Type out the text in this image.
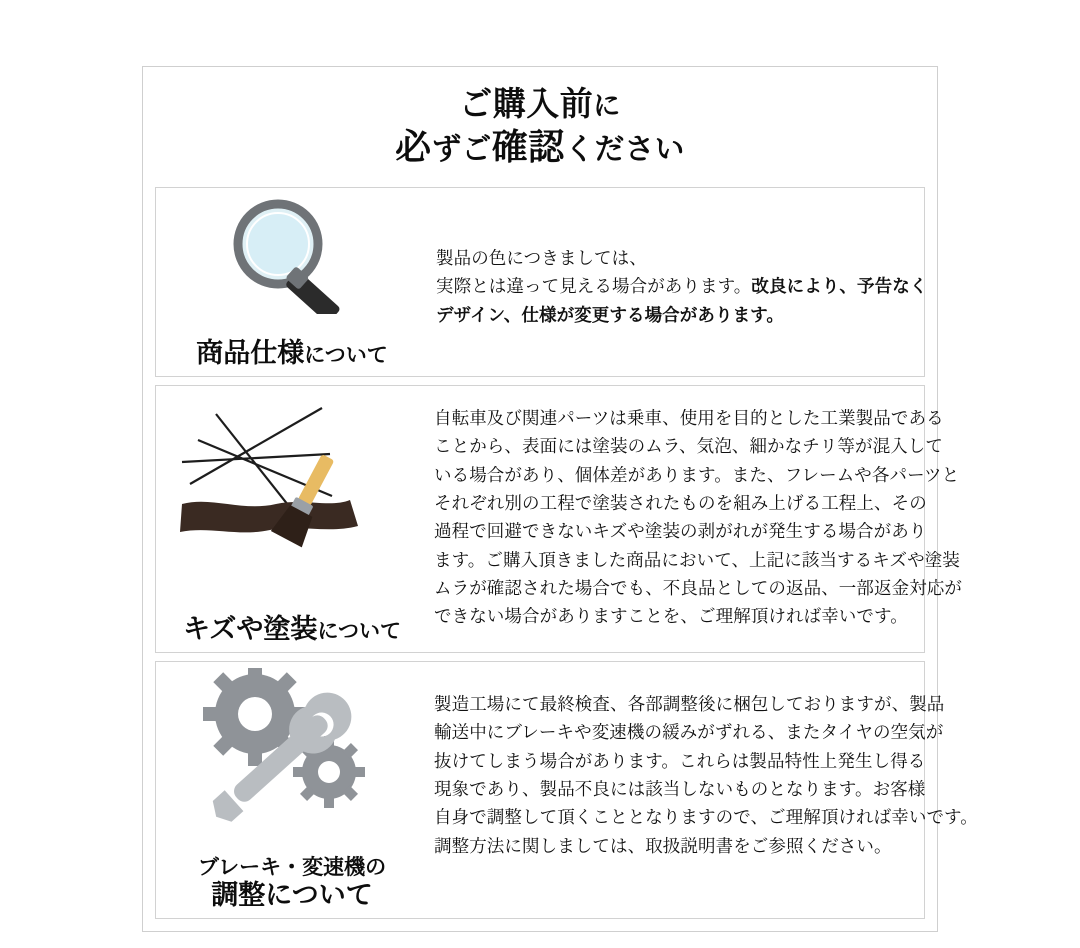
ご購入前に
必ずご確認ください
商品仕様について
製品の色につきましては、
実際とは違って見える場合があります。改良により、予告なく
デザイン、仕様が変更する場合があります。
キズや塗装について
自転車及び関連パーツは乗車、使用を目的とした工業製品である
ことから、表面には塗装のムラ、気泡、細かなチリ等が混入して
いる場合があり、個体差があります。また、フレームや各パーツと
それぞれ別の工程で塗装されたものを組み上げる工程上、その
過程で回避できないキズや塗装の剥がれが発生する場合があり
ます。ご購入頂きました商品において、上記に該当するキズや塗装
ムラが確認された場合でも、不良品としての返品、一部返金対応が
できない場合がありますことを、ご理解頂ければ幸いです。
ブレーキ・変速機の
調整について
製造工場にて最終検査、各部調整後に梱包しておりますが、製品
輸送中にブレーキや変速機の緩みがずれる、またタイヤの空気が
抜けてしまう場合があります。これらは製品特性上発生し得る
現象であり、製品不良には該当しないものとなります。お客様
自身で調整して頂くこととなりますので、ご理解頂ければ幸いです。
調整方法に関しましては、取扱説明書をご参照ください。
